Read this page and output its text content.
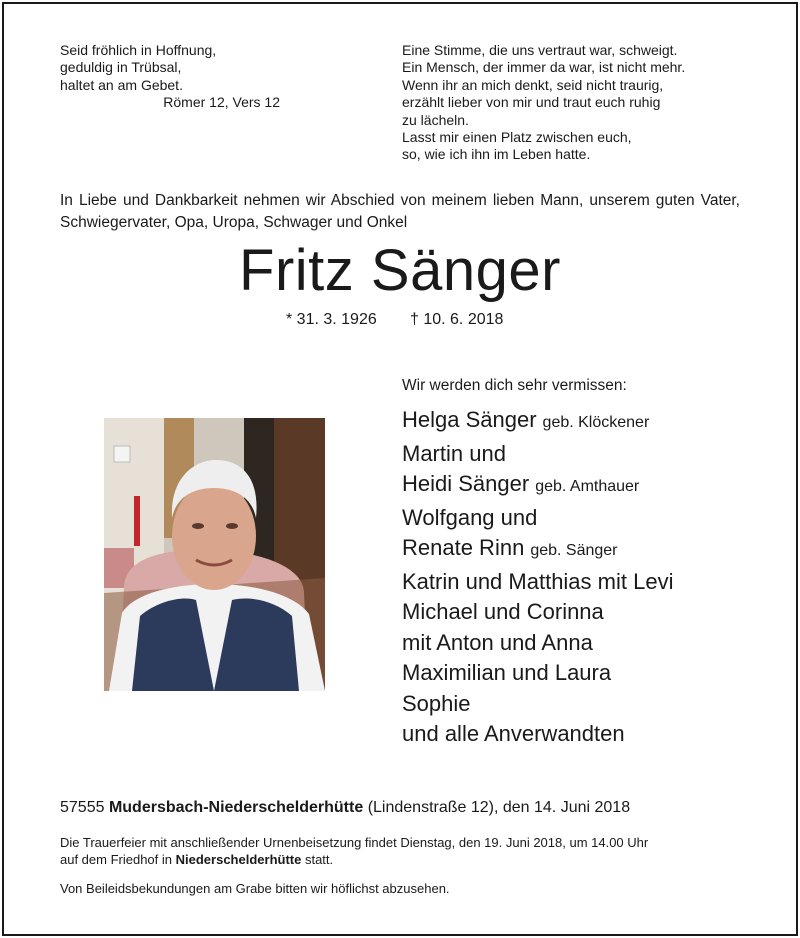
Seid fröhlich in Hoffnung,
geduldig in Trübsal,
haltet an am Gebet.
Römer 12, Vers 12
Eine Stimme, die uns vertraut war, schweigt.
Ein Mensch, der immer da war, ist nicht mehr.
Wenn ihr an mich denkt, seid nicht traurig,
erzählt lieber von mir und traut euch ruhig
zu lächeln.
Lasst mir einen Platz zwischen euch,
so, wie ich ihn im Leben hatte.
In Liebe und Dankbarkeit nehmen wir Abschied von meinem lieben Mann, unserem guten Vater, Schwiegervater, Opa, Uropa, Schwager und Onkel
Fritz Sänger
* 31. 3. 1926 † 10. 6. 2018
Wir werden dich sehr vermissen:
Helga Sänger geb. Klöckener
Martin und
Heidi Sänger geb. Amthauer
Wolfgang und
Renate Rinn geb. Sänger
Katrin und Matthias mit Levi
Michael und Corinna
mit Anton und Anna
Maximilian und Laura
Sophie
und alle Anverwandten
57555 Mudersbach-Niederschelderhütte (Lindenstraße 12), den 14. Juni 2018
Die Trauerfeier mit anschließender Urnenbeisetzung findet Dienstag, den 19. Juni 2018, um 14.00 Uhr
auf dem Friedhof in Niederschelderhütte statt.
Von Beileidsbekundungen am Grabe bitten wir höflichst abzusehen.
